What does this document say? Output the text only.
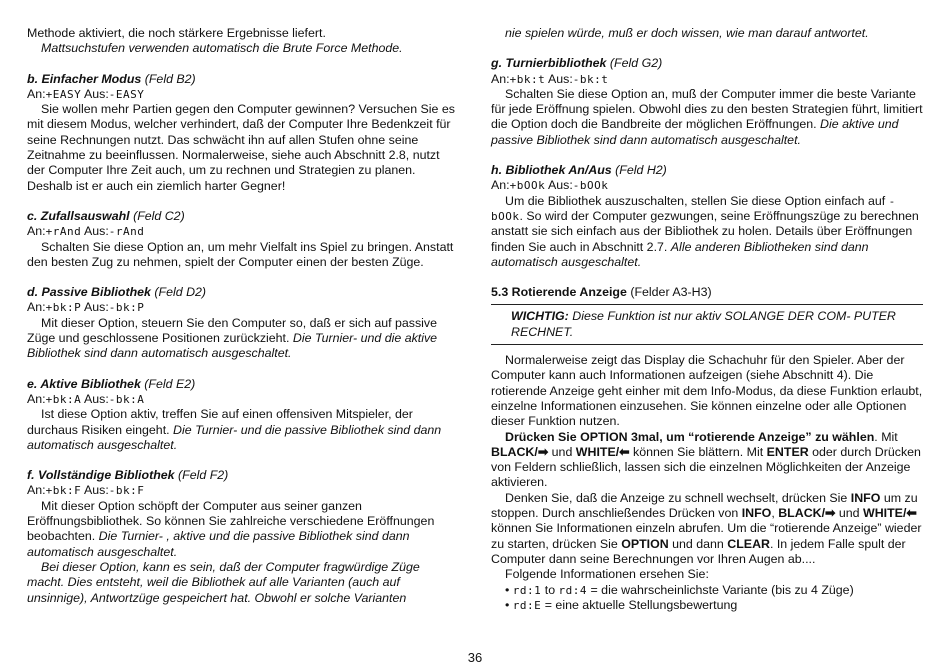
Methode aktiviert, die noch stärkere Ergebnisse liefert.

Mattsuchstufen verwenden automatisch die Brute Force Methode.

b. Einfacher Modus (Feld B2)

An:+EASY Aus:-EASY

Sie wollen mehr Partien gegen den Computer gewinnen? Versuchen Sie es mit diesem Modus, welcher verhindert, daß der Computer Ihre Bedenkzeit für seine Rechnungen nutzt. Das schwächt ihn auf allen Stufen ohne seine Zeitnahme zu beeinflussen. Normalerweise, siehe auch Abschnitt 2.8, nutzt der Computer Ihre Zeit auch, um zu rechnen und Strategien zu planen. Deshalb ist er auch ein ziemlich harter Gegner!

c. Zufallsauswahl (Feld C2)

An:+rAnd Aus:-rAnd

Schalten Sie diese Option an, um mehr Vielfalt ins Spiel zu bringen. Anstatt den besten Zug zu nehmen, spielt der Computer einen der besten Züge.

d. Passive Bibliothek (Feld D2)

An:+bk:P Aus:-bk:P

Mit dieser Option, steuern Sie den Computer so, daß er sich auf passive Züge und geschlossene Positionen zurückzieht. Die Turnier- und die aktive Bibliothek sind dann automatisch ausgeschaltet.

e. Aktive Bibliothek (Feld E2)

An:+bk:A Aus:-bk:A

Ist diese Option aktiv, treffen Sie auf einen offensiven Mitspieler, der durchaus Risiken eingeht. Die Turnier- und die passive Bibliothek sind dann automatisch ausgeschaltet.

f. Vollständige Bibliothek (Feld F2)

An:+bk:F Aus:-bk:F

Mit dieser Option schöpft der Computer aus seiner ganzen Eröffnungsbibliothek. So können Sie zahlreiche verschiedene Eröffnungen beobachten. Die Turnier- , aktive und die passive Bibliothek sind dann automatisch ausgeschaltet.

Bei dieser Option, kann es sein, daß der Computer fragwürdige Züge macht. Dies entsteht, weil die Bibliothek auf alle Varianten (auch auf unsinnige), Antwortzüge gespeichert hat. Obwohl er solche Varianten

nie spielen würde, muß er doch wissen, wie man darauf antwortet.

g. Turnierbibliothek (Feld G2)

An:+bk:t Aus:-bk:t

Schalten Sie diese Option an, muß der Computer immer die beste Variante für jede Eröffnung spielen. Obwohl dies zu den besten Strategien führt, limitiert die Option doch die Bandbreite der möglichen Eröffnungen. Die aktive und passive Bibliothek sind dann automatisch ausgeschaltet.

h. Bibliothek An/Aus (Feld H2)

An:+bOOk Aus:-bOOk

Um die Bibliothek auszuschalten, stellen Sie diese Option einfach auf -bOOk. So wird der Computer gezwungen, seine Eröffnungszüge zu berechnen anstatt sie sich einfach aus der Bibliothek zu holen. Details über Eröffnungen finden Sie auch in Abschnitt 2.7. Alle anderen Bibliotheken sind dann automatisch ausgeschaltet.

5.3 Rotierende Anzeige (Felder A3-H3)

WICHTIG: Diese Funktion ist nur aktiv SOLANGE DER COM- PUTER RECHNET.

Normalerweise zeigt das Display die Schachuhr für den Spieler. Aber der Computer kann auch Informationen aufzeigen (siehe Abschnitt 4). Die rotierende Anzeige geht einher mit dem Info-Modus, da diese Funktion erlaubt, einzelne Informationen einzusehen. Sie können einzelne oder alle Optionen dieser Funktion nutzen.

Drücken Sie OPTION 3mal, um “rotierende Anzeige” zu wählen. Mit BLACK/➡ und WHITE/⬅ können Sie blättern. Mit ENTER oder durch Drücken von Feldern schließlich, lassen sich die einzelnen Möglichkeiten der Anzeige aktivieren.

Denken Sie, daß die Anzeige zu schnell wechselt, drücken Sie INFO um zu stoppen. Durch anschließendes Drücken von INFO, BLACK/➡ und WHITE/⬅ können Sie Informationen einzeln abrufen. Um die “rotierende Anzeige” wieder zu starten, drücken Sie OPTION und dann CLEAR. In jedem Falle spult der Computer dann seine Berechnungen vor Ihren Augen ab....

Folgende Informationen ersehen Sie:

• rd:1 to rd:4 = die wahrscheinlichste Variante (bis zu 4 Züge)

• rd:E = eine aktuelle Stellungsbewertung

36
